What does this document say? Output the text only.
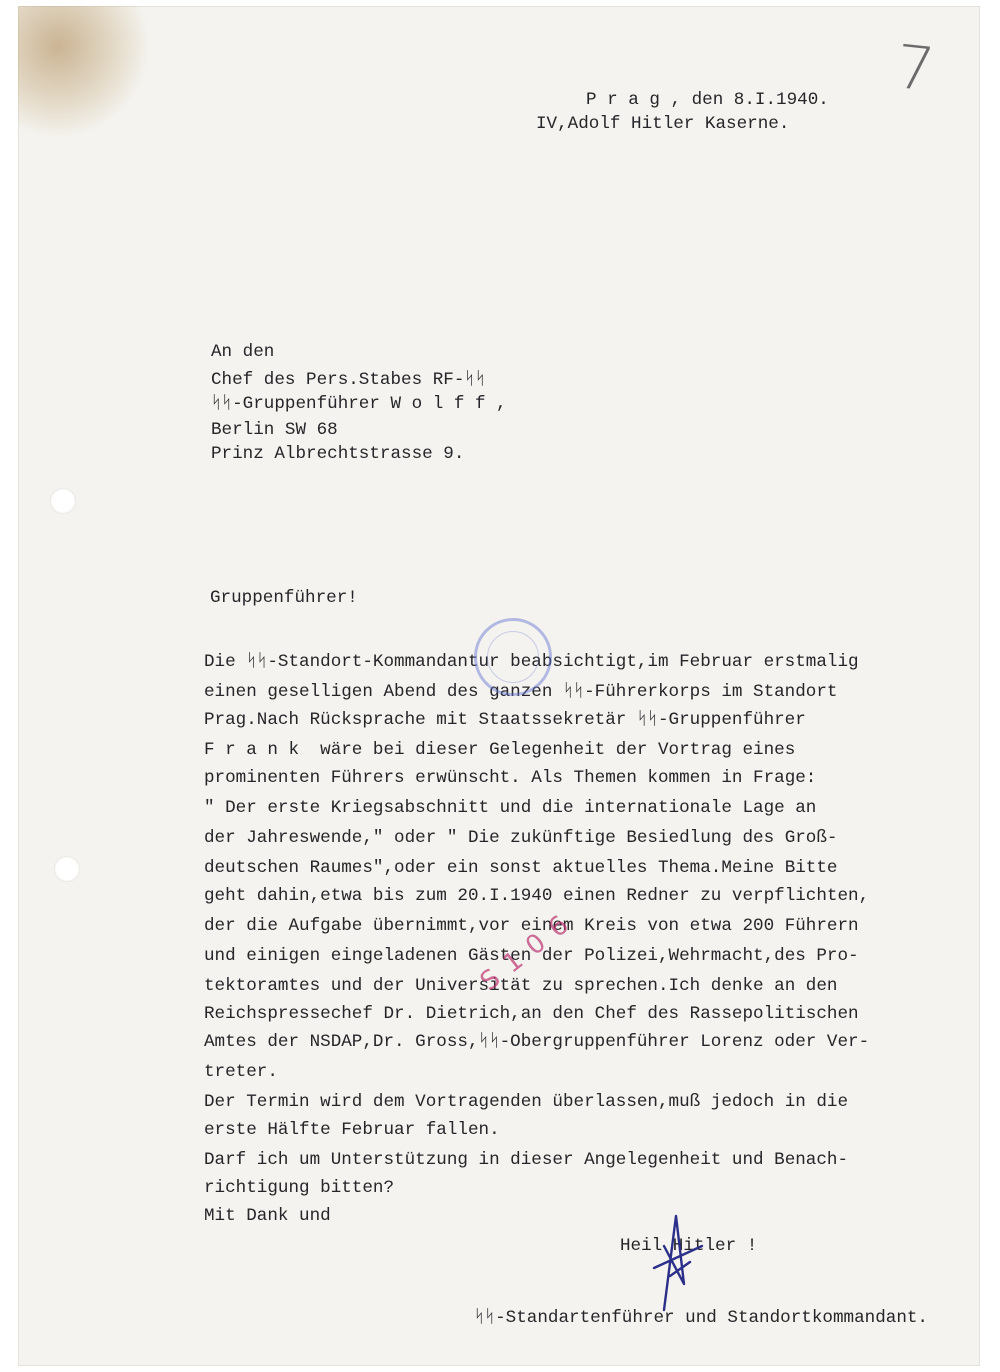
7

P r a g , den 8.I.1940.

IV,Adolf Hitler Kaserne.

An den

Chef des Pers.Stabes RF-ᛋᛋ

ᛋᛋ-Gruppenführer W o l f f ,

Berlin SW 68

Prinz Albrechtstrasse 9.

Gruppenführer!

Die ᛋᛋ-Standort-Kommandantur beabsichtigt,im Februar erstmalig

einen geselligen Abend des ganzen ᛋᛋ-Führerkorps im Standort

Prag.Nach Rücksprache mit Staatssekretär ᛋᛋ-Gruppenführer

F r a n k  wäre bei dieser Gelegenheit der Vortrag eines

prominenten Führers erwünscht. Als Themen kommen in Frage:

" Der erste Kriegsabschnitt und die internationale Lage an

der Jahreswende," oder " Die zukünftige Besiedlung des Groß-

deutschen Raumes",oder ein sonst aktuelles Thema.Meine Bitte

geht dahin,etwa bis zum 20.I.1940 einen Redner zu verpflichten,

der die Aufgabe übernimmt,vor einem Kreis von etwa 200 Führern

und einigen eingeladenen Gästen der Polizei,Wehrmacht,des Pro-

tektoramtes und der Universität zu sprechen.Ich denke an den

Reichspressechef Dr. Dietrich,an den Chef des Rassepolitischen

Amtes der NSDAP,Dr. Gross,ᛋᛋ-Obergruppenführer Lorenz oder Ver-

treter.

Der Termin wird dem Vortragenden überlassen,muß jedoch in die

erste Hälfte Februar fallen.

Darf ich um Unterstützung in dieser Angelegenheit und Benach-

richtigung bitten?

Mit Dank und

Heil Hitler !

ᛋᛋ-Standartenführer und Standortkommandant.

S 1 0 6
